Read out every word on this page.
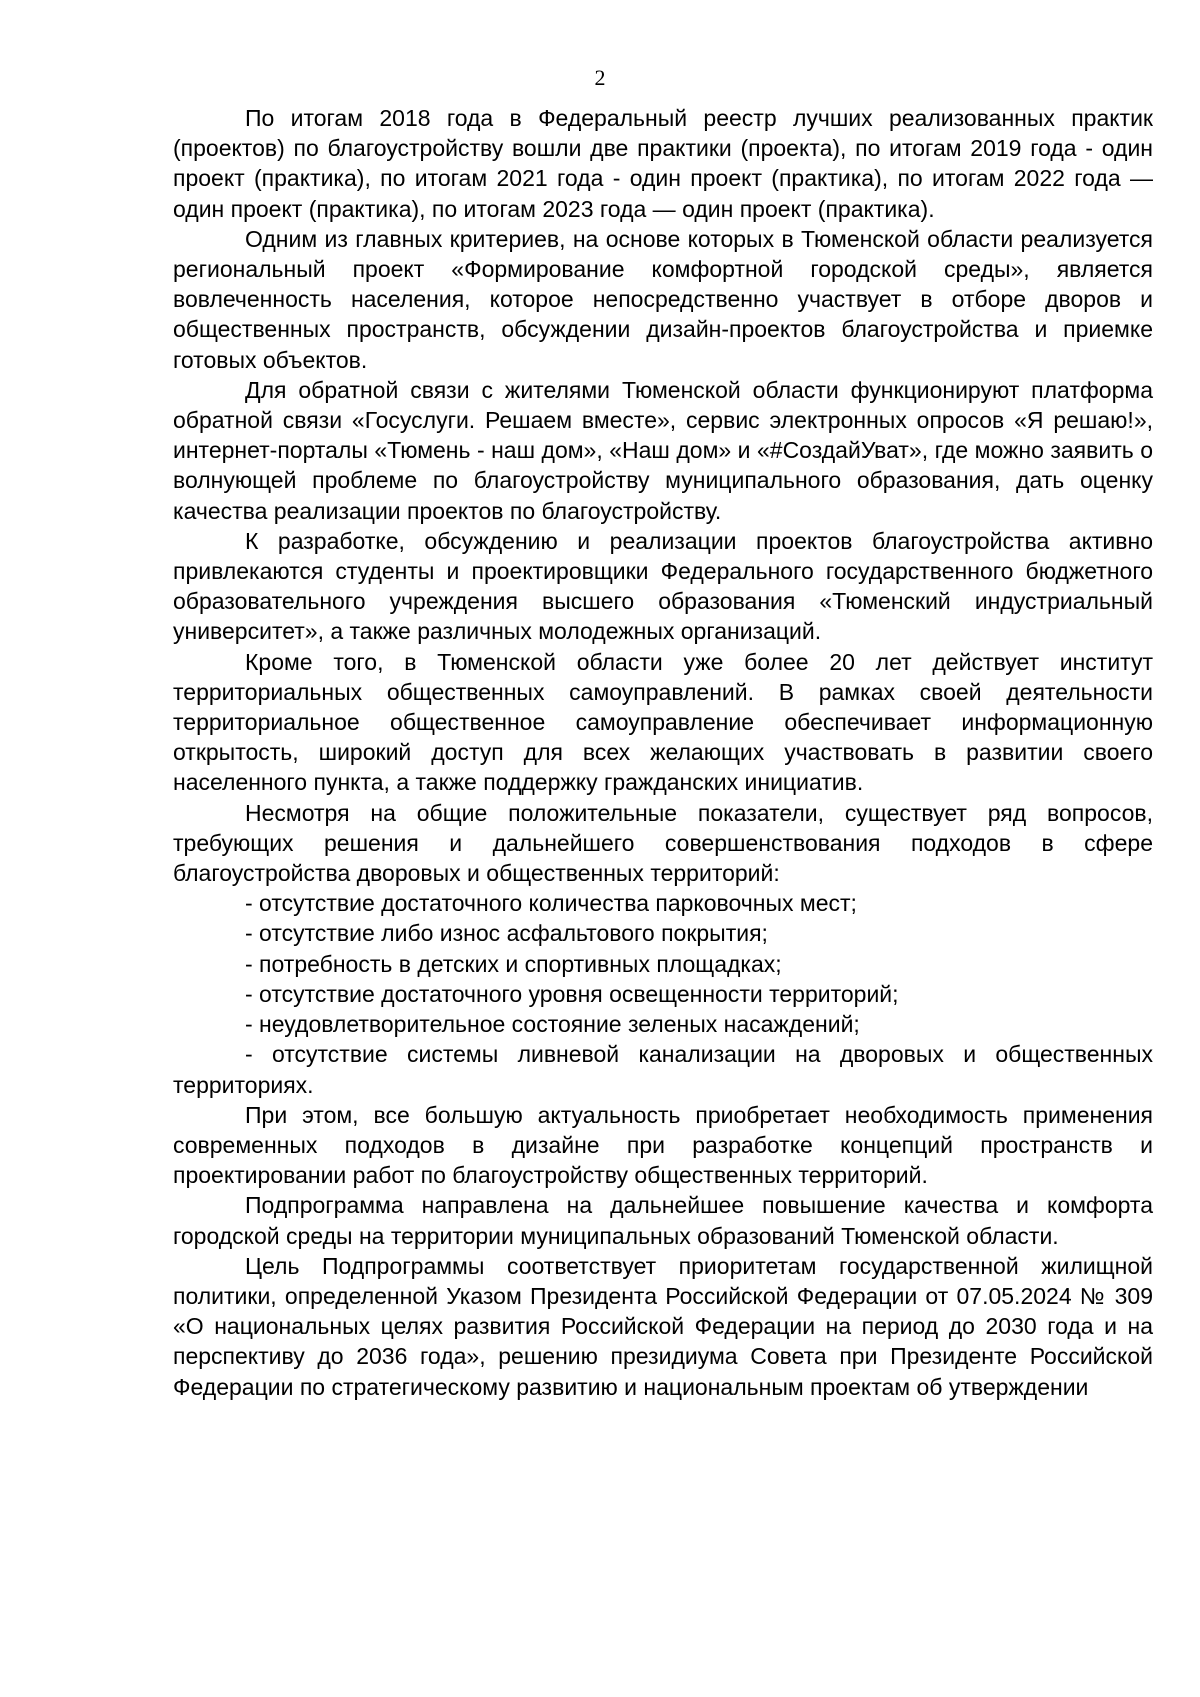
2

По итогам 2018 года в Федеральный реестр лучших реализованных практик (проектов) по благоустройству вошли две практики (проекта), по итогам 2019 года - один проект (практика), по итогам 2021 года - один проект (практика), по итогам 2022 года — один проект (практика), по итогам 2023 года — один проект (практика).

Одним из главных критериев, на основе которых в Тюменской области реализуется региональный проект «Формирование комфортной городской среды», является вовлеченность населения, которое непосредственно участвует в отборе дворов и общественных пространств, обсуждении дизайн-проектов благоустройства и приемке готовых объектов.

Для обратной связи с жителями Тюменской области функционируют платформа обратной связи «Госуслуги. Решаем вместе», сервис электронных опросов «Я решаю!», интернет-порталы «Тюмень - наш дом», «Наш дом» и «#СоздайУват», где можно заявить о волнующей проблеме по благоустройству муниципального образования, дать оценку качества реализации проектов по благоустройству.

К разработке, обсуждению и реализации проектов благоустройства активно привлекаются студенты и проектировщики Федерального государственного бюджетного образовательного учреждения высшего образования «Тюменский индустриальный университет», а также различных молодежных организаций.

Кроме того, в Тюменской области уже более 20 лет действует институт территориальных общественных самоуправлений. В рамках своей деятельности территориальное общественное самоуправление обеспечивает информационную открытость, широкий доступ для всех желающих участвовать в развитии своего населенного пункта, а также поддержку гражданских инициатив.

Несмотря на общие положительные показатели, существует ряд вопросов, требующих решения и дальнейшего совершенствования подходов в сфере благоустройства дворовых и общественных территорий:

- отсутствие достаточного количества парковочных мест;

- отсутствие либо износ асфальтового покрытия;

- потребность в детских и спортивных площадках;

- отсутствие достаточного уровня освещенности территорий;

- неудовлетворительное состояние зеленых насаждений;

- отсутствие системы ливневой канализации на дворовых и общественных территориях.

При этом, все большую актуальность приобретает необходимость применения современных подходов в дизайне при разработке концепций пространств и проектировании работ по благоустройству общественных территорий.

Подпрограмма направлена на дальнейшее повышение качества и комфорта городской среды на территории муниципальных образований Тюменской области.

Цель Подпрограммы соответствует приоритетам государственной жилищной политики, определенной Указом Президента Российской Федерации от 07.05.2024 № 309 «О национальных целях развития Российской Федерации на период до 2030 года и на перспективу до 2036 года», решению президиума Совета при Президенте Российской Федерации по стратегическому развитию и национальным проектам об утверждении
